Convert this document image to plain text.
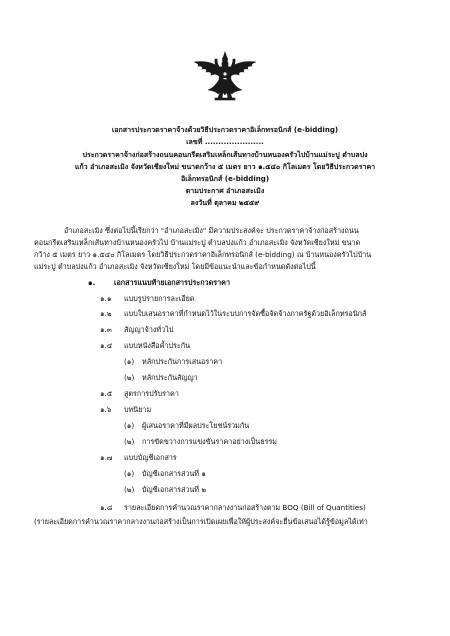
เอกสารประกวดราคาจ้างด้วยวิธีประกวดราคาอิเล็กทรอนิกส์ (e-bidding)
เลขที่ ......................
ประกวดราคาจ้างก่อสร้างถนนคอนกรีตเสริมเหล็กเส้นทางบ้านหนองครัวไปบ้านแม่ระปู ตำบลปง
แก้ว อำเภอสะเมิง จังหวัดเชียงใหม่ ขนาดกว้าง ๕ เมตร ยาว ๑.๕๔๐ กิโลเมตร โดยวิธีประกวดราคา
อิเล็กทรอนิกส์ (e-bidding)
ตามประกาศ อำเภอสะเมิง
ลงวันที่ ตุลาคม ๒๕๕๙
อำเภอสะเมิง ซึ่งต่อไปนี้เรียกว่า "อำเภอสะเมิง" มีความประสงค์จะ ประกวดราคาจ้างก่อสร้างถนน
คอนกรีตเสริมเหล็กเส้นทางบ้านหนองครัวไป บ้านแม่ระปู ตำบลปงแก้ว อำเภอสะเมิง จังหวัดเชียงใหม่ ขนาด
กว้าง ๕ เมตร ยาว ๑.๕๔๐ กิโลเมตร โดยวิธีประกวดราคาอิเล็กทรอนิกส์ (e-bidding) ณ บ้านหนองครัวไปบ้าน
แม่ระปู ตำบลปงแก้ว อำเภอสะเมิง จังหวัดเชียงใหม่ โดยมีข้อแนะนำและข้อกำหนดดังต่อไปนี้
๑.	เอกสารแนบท้ายเอกสารประกวดราคา
๑.๑ แบบรูปรายการละเอียด
๑.๒ แบบใบเสนอราคาที่กำหนดไว้ในระบบการจัดซื้อจัดจ้างภาครัฐด้วยอิเล็กทรอนิกส์
๑.๓ สัญญาจ้างทั่วไป
๑.๔ แบบหนังสือค้ำประกัน
(๑) หลักประกันการเสนอราคา
(๒) หลักประกันสัญญา
๑.๕ สูตรการปรับราคา
๑.๖ บทนิยาม
(๑) ผู้เสนอราคาที่มีผลประโยชน์ร่วมกัน
(๒) การขัดขวางการแข่งขันราคาอย่างเป็นธรรม
๑.๗ แบบบัญชีเอกสาร
(๑) บัญชีเอกสารส่วนที่ ๑
(๒) บัญชีเอกสารส่วนที่ ๒
๑.๘ รายละเอียดการคำนวณราคากลางงานก่อสร้างตาม BOQ (Bill of Quantities)
(รายละเอียดการคำนวณราคากลางงานก่อสร้างเป็นการเปิดเผยเพื่อให้ผู้ประสงค์จะยื่นข้อเสนอได้รู้ข้อมูลได้เท่า
